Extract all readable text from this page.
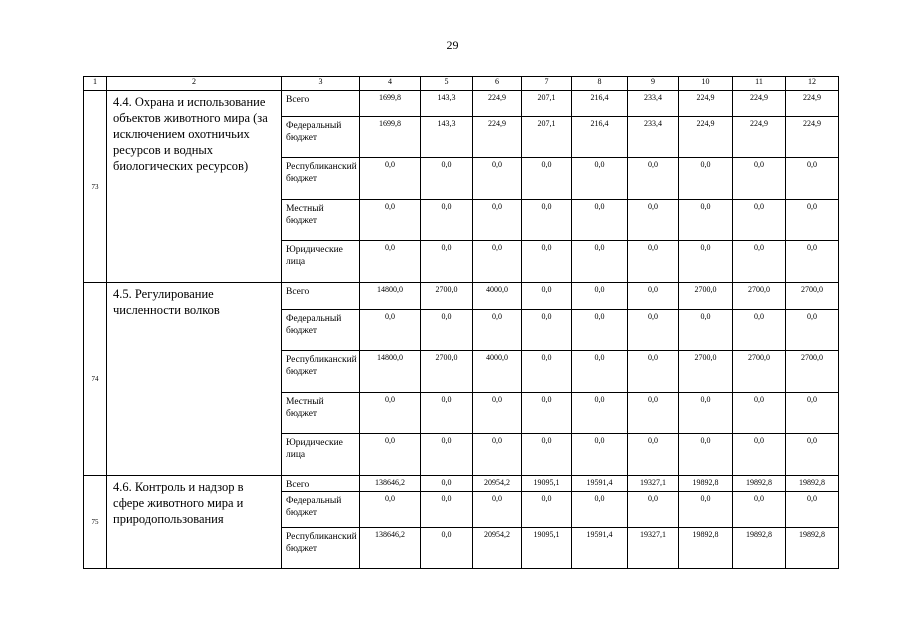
29
1	2	3	4	5	6	7	8	9	10	11	12
73	4.4. Охрана и использование объектов животного мира (за исключением охотничьих ресурсов и водных биологических ресурсов)	Всего	1699,8	143,3	224,9	207,1	216,4	233,4	224,9	224,9	224,9
		Федеральный бюджет	1699,8	143,3	224,9	207,1	216,4	233,4	224,9	224,9	224,9
		Республиканский бюджет	0,0	0,0	0,0	0,0	0,0	0,0	0,0	0,0	0,0
		Местный бюджет	0,0	0,0	0,0	0,0	0,0	0,0	0,0	0,0	0,0
		Юридические лица	0,0	0,0	0,0	0,0	0,0	0,0	0,0	0,0	0,0
74	4.5. Регулирование численности волков	Всего	14800,0	2700,0	4000,0	0,0	0,0	0,0	2700,0	2700,0	2700,0
		Федеральный бюджет	0,0	0,0	0,0	0,0	0,0	0,0	0,0	0,0	0,0
		Республиканский бюджет	14800,0	2700,0	4000,0	0,0	0,0	0,0	2700,0	2700,0	2700,0
		Местный бюджет	0,0	0,0	0,0	0,0	0,0	0,0	0,0	0,0	0,0
		Юридические лица	0,0	0,0	0,0	0,0	0,0	0,0	0,0	0,0	0,0
75	4.6. Контроль и надзор в сфере животного мира и природопользования	Всего	138646,2	0,0	20954,2	19095,1	19591,4	19327,1	19892,8	19892,8	19892,8
		Федеральный бюджет	0,0	0,0	0,0	0,0	0,0	0,0	0,0	0,0	0,0
		Республиканский бюджет	138646,2	0,0	20954,2	19095,1	19591,4	19327,1	19892,8	19892,8	19892,8
